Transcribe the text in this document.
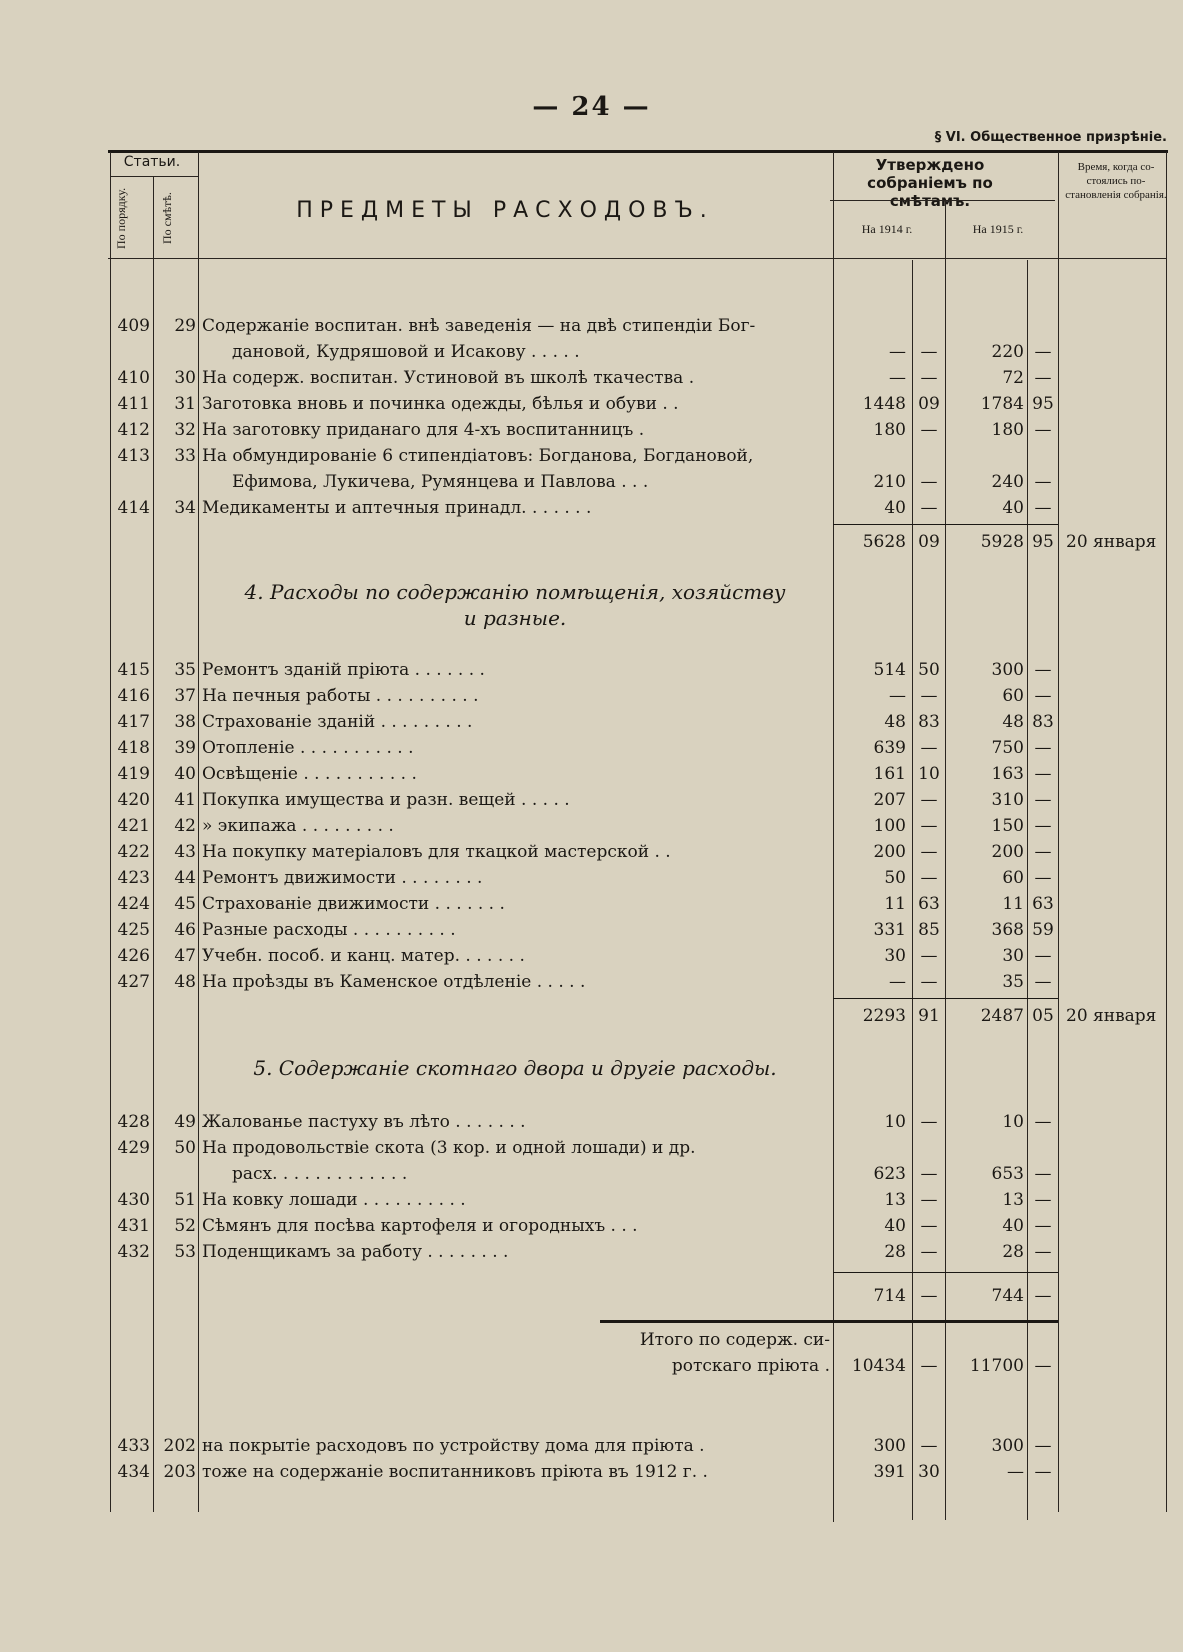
— 24 —
§ VI. Общественное призрѣніе.
Статьи.
По порядку.	По смѣтѣ.	ПРЕДМЕТЫ РАСХОДОВЪ.
Утверждено собраніемъ по смѣтамъ.
На 1914 г.	На 1915 г.
Время, когда со-стоялись по-становленія собранія.
409	29 Содержаніе воспитан. внѣ заведенія — на двѣ стипендіи Бог-
дановой, Кудряшовой и Исакову . . . . .	— —	220 —
410	30 На содерж. воспитан. Устиновой въ школѣ ткачества .	— —	72 —
411	31 Заготовка вновь и починка одежды, бѣлья и обуви . .	1448 09	1784 95
412	32 На заготовку приданаго для 4-хъ воспитанницъ .	180 —	180 —
413	33 На обмундированіе 6 стипендіатовъ: Богданова, Богдановой,
Ефимова, Лукичева, Румянцева и Павлова . . .	210 —	240 —
414	34 Медикаменты и аптечныя принадл. . . . . . .	40 —	40 —
5628 09	5928 95 20 января
4. Расходы по содержанію помѣщенія, хозяйству
и разные.
415	35 Ремонтъ зданій пріюта . . . . . . .	514 50	300 —
416	37 На печныя работы . . . . . . . . . .	— —	60 —
417	38 Страхованіе зданій . . . . . . . . .	48 83	48 83
418	39 Отопленіе . . . . . . . . . . .	639 —	750 —
419	40 Освѣщеніе . . . . . . . . . . .	161 10	163 —
420	41 Покупка имущества и разн. вещей . . . . .	207 —	310 —
421	42 » экипажа . . . . . . . . .	100 —	150 —
422	43 На покупку матеріаловъ для ткацкой мастерской . .	200 —	200 —
423	44 Ремонтъ движимости . . . . . . . .	50 —	60 —
424	45 Страхованіе движимости . . . . . . .	11 63	11 63
425	46 Разные расходы . . . . . . . . . .	331 85	368 59
426	47 Учебн. пособ. и канц. матер. . . . . . .	30 —	30 —
427	48 На проѣзды въ Каменское отдѣленіе . . . . .	— —	35 —
2293 91	2487 05 20 января
5. Содержаніе скотнаго двора и другіе расходы.
428	49 Жалованье пастуху въ лѣто . . . . . . .	10 —	10 —
429	50 На продовольствіе скота (3 кор. и одной лошади) и др.
расх. . . . . . . . . . . . .	623 —	653 —
430	51 На ковку лошади . . . . . . . . . .	13 —	13 —
431	52 Сѣмянъ для посѣва картофеля и огородныхъ . . .	40 —	40 —
432	53 Поденщикамъ за работу . . . . . . . .	28 —	28 —
714 —	744 —
Итого по содерж. си-
ротскаго пріюта .	10434 —	11700 —
433 202 на покрытіе расходовъ по устройству дома для пріюта .	300 —	300 —
434 203 тоже на содержаніе воспитанниковъ пріюта въ 1912 г. .	391 30	— —
